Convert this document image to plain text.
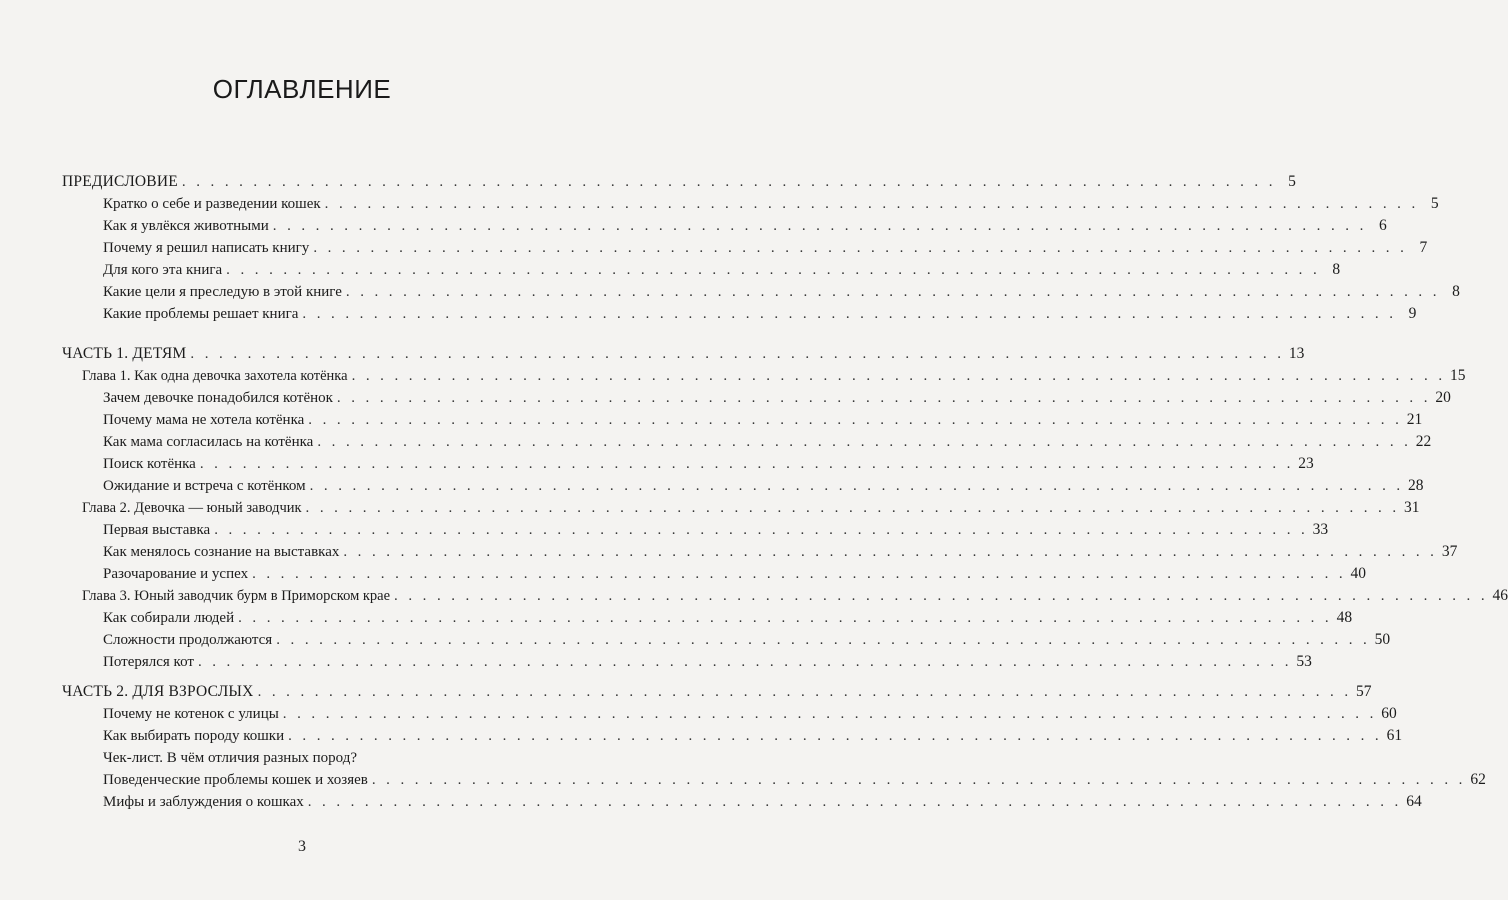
ОГЛАВЛЕНИЕ
ПРЕДИСЛОВИЕ . . . . . . . . . . . . . . . . . . . . . . . . . . . . . . . . . . . . . . . . . . . . . . . . . . . . . . . . . . . . . . . . . . . . . . . . . . . . . 5
Кратко о себе и разведении кошек . . . . . . . . . . . . . . . . . . . . . . . . . . . . . . . . . . . . . . . . . . . . . . . . . . . . . . . . . . . . . . . . . . . . . . . . . . . . . 5
Как я увлёкся животными . . . . . . . . . . . . . . . . . . . . . . . . . . . . . . . . . . . . . . . . . . . . . . . . . . . . . . . . . . . . . . . . . . . . . . . . . . . . . 6
Почему я решил написать книгу . . . . . . . . . . . . . . . . . . . . . . . . . . . . . . . . . . . . . . . . . . . . . . . . . . . . . . . . . . . . . . . . . . . . . . . . . . . . . 7
Для кого эта книга . . . . . . . . . . . . . . . . . . . . . . . . . . . . . . . . . . . . . . . . . . . . . . . . . . . . . . . . . . . . . . . . . . . . . . . . . . . . . 8
Какие цели я преследую в этой книге . . . . . . . . . . . . . . . . . . . . . . . . . . . . . . . . . . . . . . . . . . . . . . . . . . . . . . . . . . . . . . . . . . . . . . . . . . . . . 8
Какие проблемы решает книга . . . . . . . . . . . . . . . . . . . . . . . . . . . . . . . . . . . . . . . . . . . . . . . . . . . . . . . . . . . . . . . . . . . . . . . . . . . . . 9
ЧАСТЬ 1. ДЕТЯМ . . . . . . . . . . . . . . . . . . . . . . . . . . . . . . . . . . . . . . . . . . . . . . . . . . . . . . . . . . . . . . . . . . . . . . . . . . . . . 13
Глава 1. Как одна девочка захотела котёнка . . . . . . . . . . . . . . . . . . . . . . . . . . . . . . . . . . . . . . . . . . . . . . . . . . . . . . . . . . . . . . . . . . . . . . . . . . . . . 15
Зачем девочке понадобился котёнок . . . . . . . . . . . . . . . . . . . . . . . . . . . . . . . . . . . . . . . . . . . . . . . . . . . . . . . . . . . . . . . . . . . . . . . . . . . . . 20
Почему мама не хотела котёнка . . . . . . . . . . . . . . . . . . . . . . . . . . . . . . . . . . . . . . . . . . . . . . . . . . . . . . . . . . . . . . . . . . . . . . . . . . . . . 21
Как мама согласилась на котёнка . . . . . . . . . . . . . . . . . . . . . . . . . . . . . . . . . . . . . . . . . . . . . . . . . . . . . . . . . . . . . . . . . . . . . . . . . . . . . 22
Поиск котёнка . . . . . . . . . . . . . . . . . . . . . . . . . . . . . . . . . . . . . . . . . . . . . . . . . . . . . . . . . . . . . . . . . . . . . . . . . . . . . 23
Ожидание и встреча с котёнком . . . . . . . . . . . . . . . . . . . . . . . . . . . . . . . . . . . . . . . . . . . . . . . . . . . . . . . . . . . . . . . . . . . . . . . . . . . . . 28
Глава 2. Девочка — юный заводчик . . . . . . . . . . . . . . . . . . . . . . . . . . . . . . . . . . . . . . . . . . . . . . . . . . . . . . . . . . . . . . . . . . . . . . . . . . . . . 31
Первая выставка . . . . . . . . . . . . . . . . . . . . . . . . . . . . . . . . . . . . . . . . . . . . . . . . . . . . . . . . . . . . . . . . . . . . . . . . . . . . . 33
Как менялось сознание на выставках . . . . . . . . . . . . . . . . . . . . . . . . . . . . . . . . . . . . . . . . . . . . . . . . . . . . . . . . . . . . . . . . . . . . . . . . . . . . . 37
Разочарование и успех . . . . . . . . . . . . . . . . . . . . . . . . . . . . . . . . . . . . . . . . . . . . . . . . . . . . . . . . . . . . . . . . . . . . . . . . . . . . . 40
Глава 3. Юный заводчик бурм в Приморском крае . . . . . . . . . . . . . . . . . . . . . . . . . . . . . . . . . . . . . . . . . . . . . . . . . . . . . . . . . . . . . . . . . . . . . . . . . . . . . 46
Как собирали людей . . . . . . . . . . . . . . . . . . . . . . . . . . . . . . . . . . . . . . . . . . . . . . . . . . . . . . . . . . . . . . . . . . . . . . . . . . . . . 48
Сложности продолжаются . . . . . . . . . . . . . . . . . . . . . . . . . . . . . . . . . . . . . . . . . . . . . . . . . . . . . . . . . . . . . . . . . . . . . . . . . . . . . 50
Потерялся кот . . . . . . . . . . . . . . . . . . . . . . . . . . . . . . . . . . . . . . . . . . . . . . . . . . . . . . . . . . . . . . . . . . . . . . . . . . . . . 53
ЧАСТЬ 2. ДЛЯ ВЗРОСЛЫХ . . . . . . . . . . . . . . . . . . . . . . . . . . . . . . . . . . . . . . . . . . . . . . . . . . . . . . . . . . . . . . . . . . . . . . . . . . . . . 57
Почему не котенок с улицы . . . . . . . . . . . . . . . . . . . . . . . . . . . . . . . . . . . . . . . . . . . . . . . . . . . . . . . . . . . . . . . . . . . . . . . . . . . . . 60
Как выбирать породу кошки . . . . . . . . . . . . . . . . . . . . . . . . . . . . . . . . . . . . . . . . . . . . . . . . . . . . . . . . . . . . . . . . . . . . . . . . . . . . . 61
Чек-лист. В чём отличия разных пород?
Поведенческие проблемы кошек и хозяев . . . . . . . . . . . . . . . . . . . . . . . . . . . . . . . . . . . . . . . . . . . . . . . . . . . . . . . . . . . . . . . . . . . . . . . . . . . . . 62
Мифы и заблуждения о кошках . . . . . . . . . . . . . . . . . . . . . . . . . . . . . . . . . . . . . . . . . . . . . . . . . . . . . . . . . . . . . . . . . . . . . . . . . . . . . 64
3
